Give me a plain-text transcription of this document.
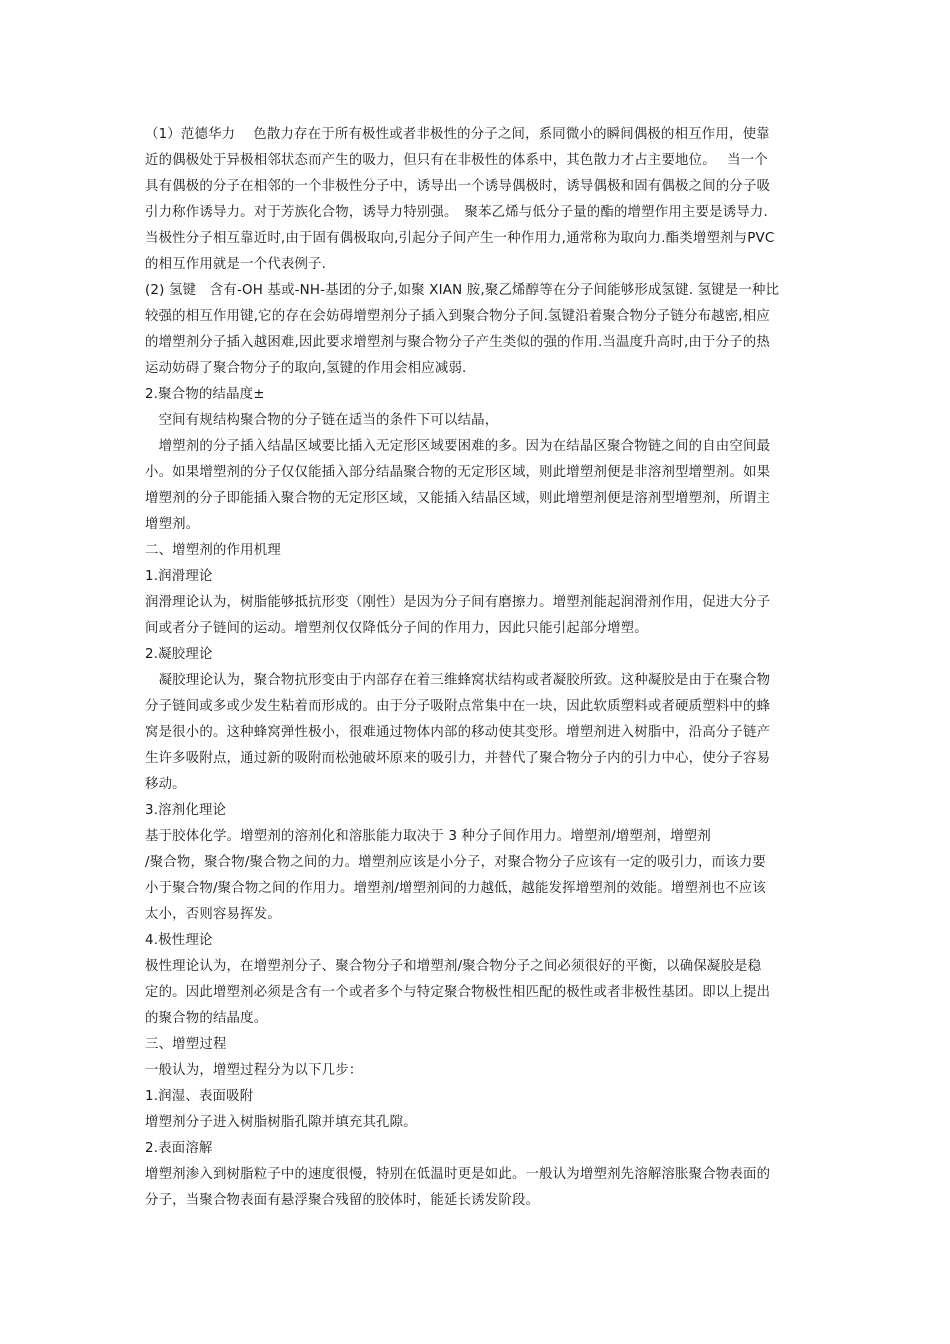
（1）范德华力　 色散力存在于所有极性或者非极性的分子之间，系同微小的瞬间偶极的相互作用，使靠
近的偶极处于异极相邻状态而产生的吸力，但只有在非极性的体系中，其色散力才占主要地位。　 当一个
具有偶极的分子在相邻的一个非极性分子中，诱导出一个诱导偶极时，诱导偶极和固有偶极之间的分子吸
引力称作诱导力。对于芳族化合物，诱导力特别强。　聚苯乙烯与低分子量的酯的增塑作用主要是诱导力.
当极性分子相互靠近时,由于固有偶极取向,引起分子间产生一种作用力,通常称为取向力.酯类增塑剂与PVC
的相互作用就是一个代表例子.
(2) 氢键　含有-OH 基或-NH-基团的分子,如聚 XIAN 胺,聚乙烯醇等在分子间能够形成氢键. 氢键是一种比
较强的相互作用键,它的存在会妨碍增塑剂分子插入到聚合物分子间.氢键沿着聚合物分子链分布越密,相应
的增塑剂分子插入越困难,因此要求增塑剂与聚合物分子产生类似的强的作用.当温度升高时,由于分子的热
运动妨碍了聚合物分子的取向,氢键的作用会相应减弱.
2.聚合物的结晶度±
　空间有规结构聚合物的分子链在适当的条件下可以结晶，
　增塑剂的分子插入结晶区域要比插入无定形区域要困难的多。因为在结晶区聚合物链之间的自由空间最
小。如果增塑剂的分子仅仅能插入部分结晶聚合物的无定形区域，则此增塑剂便是非溶剂型增塑剂。如果
增塑剂的分子即能插入聚合物的无定形区域，又能插入结晶区域，则此增塑剂便是溶剂型增塑剂，所谓主
增塑剂。
二、增塑剂的作用机理
1.润滑理论
润滑理论认为，树脂能够抵抗形变（刚性）是因为分子间有磨擦力。增塑剂能起润滑剂作用，促进大分子
间或者分子链间的运动。增塑剂仅仅降低分子间的作用力，因此只能引起部分增塑。
2.凝胶理论
　凝胶理论认为，聚合物抗形变由于内部存在着三维蜂窝状结构或者凝胶所致。这种凝胶是由于在聚合物
分子链间或多或少发生粘着而形成的。由于分子吸附点常集中在一块，因此软质塑料或者硬质塑料中的蜂
窝是很小的。这种蜂窝弹性极小，很难通过物体内部的移动使其变形。增塑剂进入树脂中，沿高分子链产
生许多吸附点，通过新的吸附而松弛破坏原来的吸引力，并替代了聚合物分子内的引力中心，使分子容易
移动。
3.溶剂化理论
基于胶体化学。增塑剂的溶剂化和溶胀能力取决于 3 种分子间作用力。增塑剂/增塑剂，增塑剂
/聚合物，聚合物/聚合物之间的力。增塑剂应该是小分子，对聚合物分子应该有一定的吸引力，而该力要
小于聚合物/聚合物之间的作用力。增塑剂/增塑剂间的力越低，越能发挥增塑剂的效能。增塑剂也不应该
太小，否则容易挥发。
4.极性理论
极性理论认为，在增塑剂分子、聚合物分子和增塑剂/聚合物分子之间必须很好的平衡，以确保凝胶是稳
定的。因此增塑剂必须是含有一个或者多个与特定聚合物极性相匹配的极性或者非极性基团。即以上提出
的聚合物的结晶度。
三、增塑过程
一般认为，增塑过程分为以下几步：
1.润湿、表面吸附
增塑剂分子进入树脂树脂孔隙并填充其孔隙。
2.表面溶解
增塑剂渗入到树脂粒子中的速度很慢，特别在低温时更是如此。一般认为增塑剂先溶解溶胀聚合物表面的
分子，当聚合物表面有悬浮聚合残留的胶体时，能延长诱发阶段。
